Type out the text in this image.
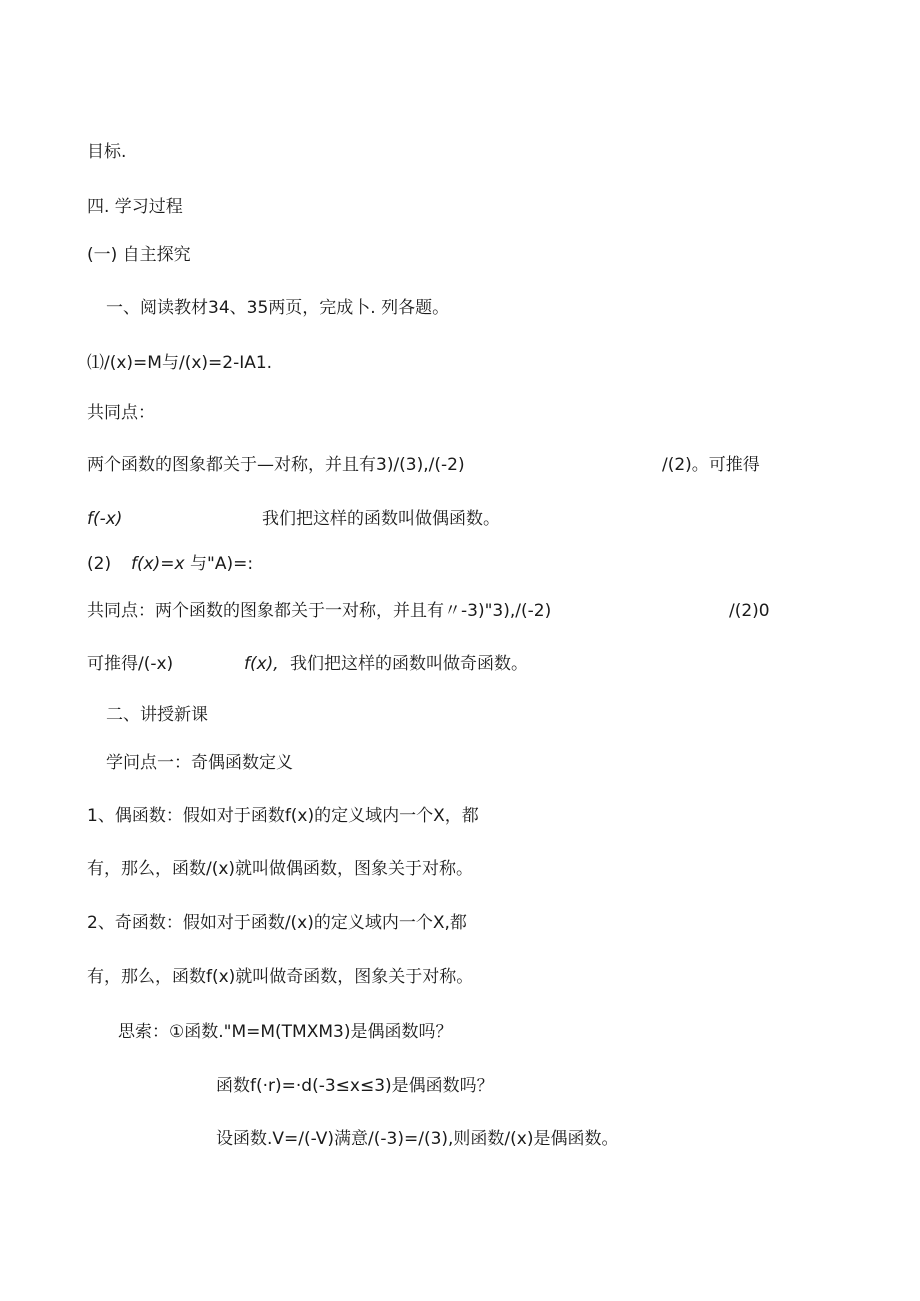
目标.
四. 学习过程
(一) 自主探究
一、阅读教材34、35两页，完成卜. 列各题。
⑴/(x)=M与/(x)=2-IA1.
共同点：
两个函数的图象都关于—对称，并且有3)/(3),/(-2)	/(2)。可推得
f(-x)	我们把这样的函数叫做偶函数。
(2) f(x)=x 与"A)=:
共同点：两个函数的图象都关于一对称，并且有〃-3)"3),/(-2)	/(2)0
可推得/(-x)	f(x), 我们把这样的函数叫做奇函数。
二、讲授新课
学问点一：奇偶函数定义
1、偶函数：假如对于函数f(x)的定义域内一个X，都
有，那么，函数/(x)就叫做偶函数，图象关于对称。
2、奇函数：假如对于函数/(x)的定义域内一个X,都
有，那么，函数f(x)就叫做奇函数，图象关于对称。
思索：①函数."M=M(TMXM3)是偶函数吗？
函数f(·r)=·d(-3≤x≤3)是偶函数吗？
设函数.V=/(-V)满意/(-3)=/(3),则函数/(x)是偶函数。
